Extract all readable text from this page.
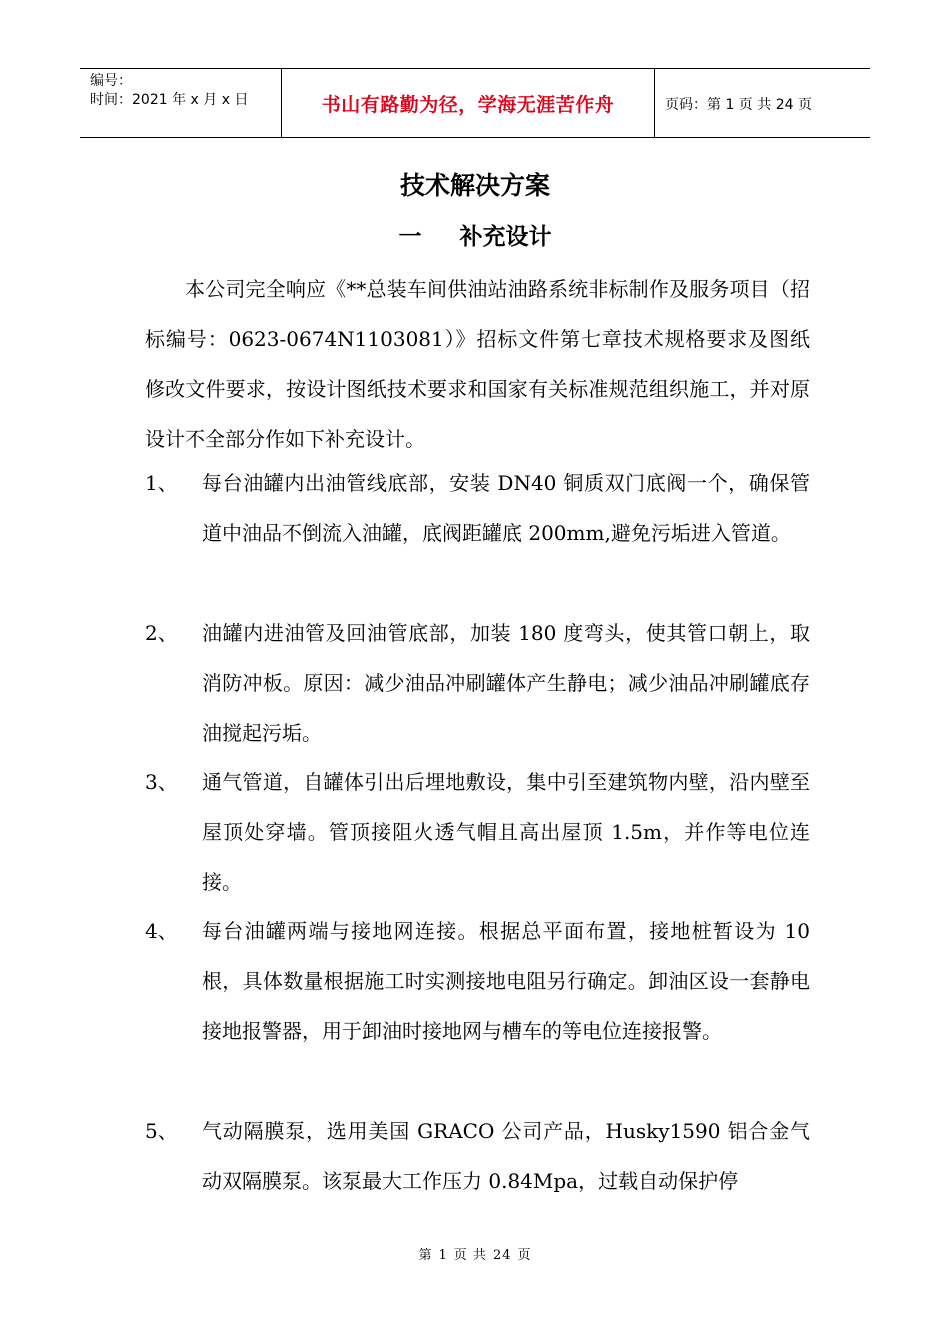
编号：
时间：2021 年 x 月 x 日	书山有路勤为径，学海无涯苦作舟	页码：第 1 页 共 24 页
技术解决方案
一 补充设计
本公司完全响应《**总装车间供油站油路系统非标制作及服务项目（招标编号：0623-0674N1103081）》招标文件第七章技术规格要求及图纸修改文件要求，按设计图纸技术要求和国家有关标准规范组织施工，并对原设计不全部分作如下补充设计。
1、	每台油罐内出油管线底部，安装 DN40 铜质双门底阀一个，确保管道中油品不倒流入油罐，底阀距罐底 200mm,避免污垢进入管道。
2、	油罐内进油管及回油管底部，加装 180 度弯头，使其管口朝上，取消防冲板。原因：减少油品冲刷罐体产生静电；减少油品冲刷罐底存油搅起污垢。
3、	通气管道，自罐体引出后埋地敷设，集中引至建筑物内壁，沿内壁至屋顶处穿墙。管顶接阻火透气帽且高出屋顶 1.5m，并作等电位连接。
4、	每台油罐两端与接地网连接。根据总平面布置，接地桩暂设为 10 根，具体数量根据施工时实测接地电阻另行确定。卸油区设一套静电接地报警器，用于卸油时接地网与槽车的等电位连接报警。
5、	气动隔膜泵，选用美国 GRACO 公司产品，Husky1590 铝合金气动双隔膜泵。该泵最大工作压力 0.84Mpa，过载自动保护停
第 1 页 共 24 页
